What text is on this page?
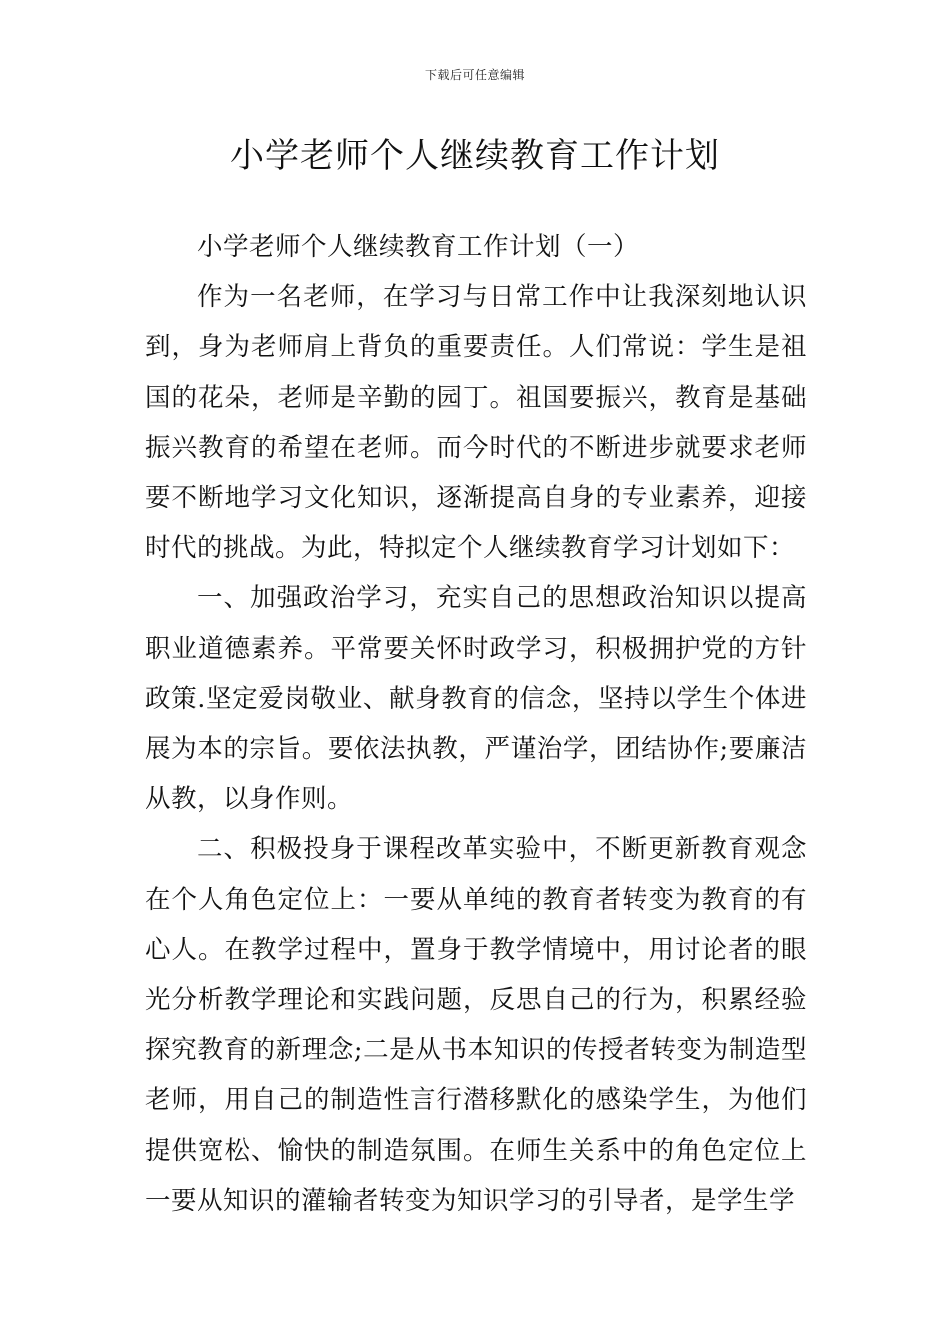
下载后可任意编辑
小学老师个人继续教育工作计划

小学老师个人继续教育工作计划（一）

作为一名老师，在学习与日常工作中让我深刻地认识到，身为老师肩上背负的重要责任。人们常说：学生是祖国的花朵，老师是辛勤的园丁。祖国要振兴，教育是基础振兴教育的希望在老师。而今时代的不断进步就要求老师要不断地学习文化知识，逐渐提高自身的专业素养，迎接时代的挑战。为此，特拟定个人继续教育学习计划如下：

一、加强政治学习，充实自己的思想政治知识以提高职业道德素养。平常要关怀时政学习，积极拥护党的方针政策.坚定爱岗敬业、献身教育的信念，坚持以学生个体进展为本的宗旨。要依法执教，严谨治学，团结协作;要廉洁从教，以身作则。

二、积极投身于课程改革实验中，不断更新教育观念在个人角色定位上：一要从单纯的教育者转变为教育的有心人。在教学过程中，置身于教学情境中，用讨论者的眼光分析教学理论和实践问题，反思自己的行为，积累经验探究教育的新理念;二是从书本知识的传授者转变为制造型老师，用自己的制造性言行潜移默化的感染学生，为他们提供宽松、愉快的制造氛围。在师生关系中的角色定位上一要从知识的灌输者转变为知识学习的引导者，是学生学
